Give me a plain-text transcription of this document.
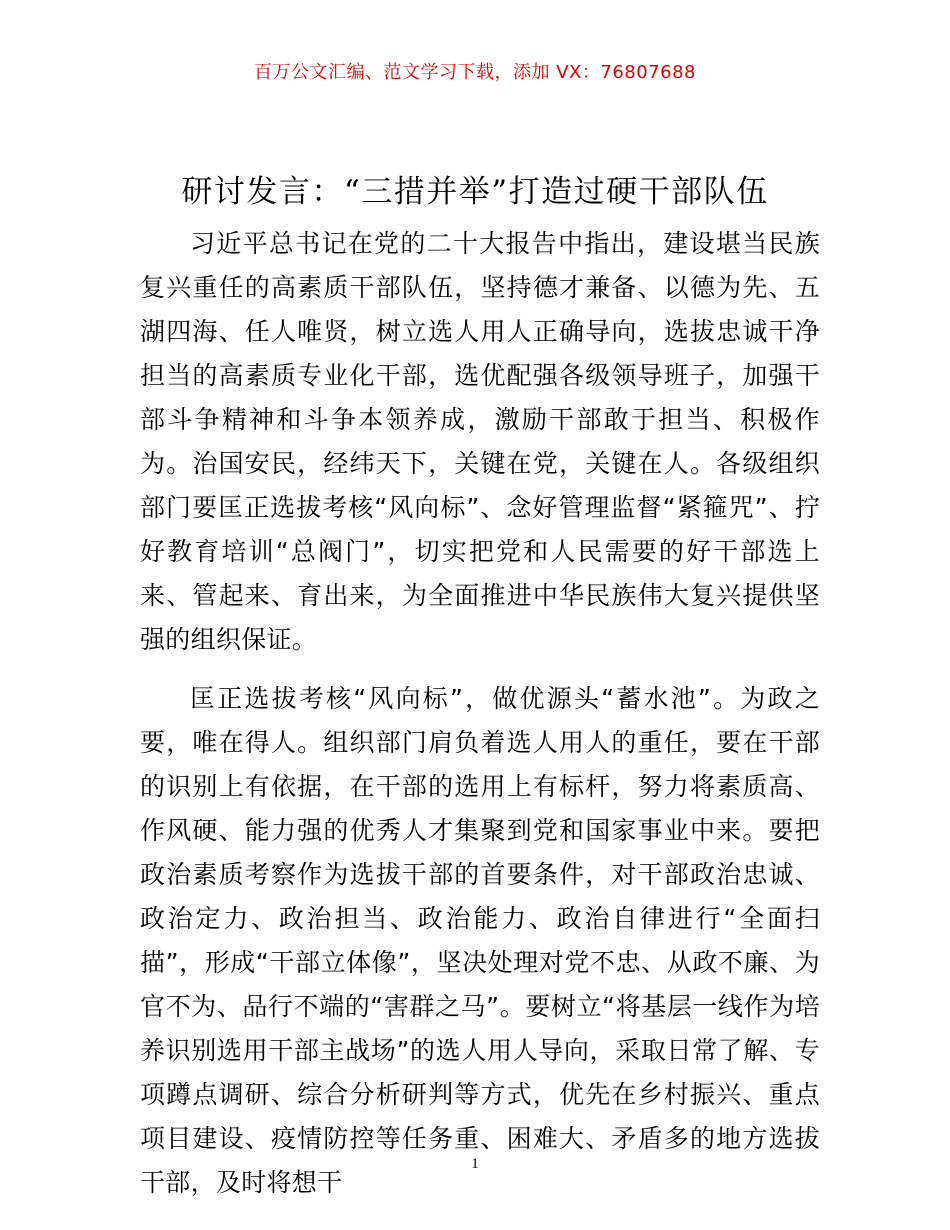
百万公文汇编、范文学习下载，添加 VX：76807688
研讨发言：“三措并举”打造过硬干部队伍

习近平总书记在党的二十大报告中指出，建设堪当民族复兴重任的高素质干部队伍，坚持德才兼备、以德为先、五湖四海、任人唯贤，树立选人用人正确导向，选拔忠诚干净担当的高素质专业化干部，选优配强各级领导班子，加强干部斗争精神和斗争本领养成，激励干部敢于担当、积极作为。治国安民，经纬天下，关键在党，关键在人。各级组织部门要匡正选拔考核“风向标”、念好管理监督“紧箍咒”、拧好教育培训“总阀门”，切实把党和人民需要的好干部选上来、管起来、育出来，为全面推进中华民族伟大复兴提供坚强的组织保证。

匡正选拔考核“风向标”，做优源头“蓄水池”。为政之要，唯在得人。组织部门肩负着选人用人的重任，要在干部的识别上有依据，在干部的选用上有标杆，努力将素质高、作风硬、能力强的优秀人才集聚到党和国家事业中来。要把政治素质考察作为选拔干部的首要条件，对干部政治忠诚、政治定力、政治担当、政治能力、政治自律进行“全面扫描”，形成“干部立体像”，坚决处理对党不忠、从政不廉、为官不为、品行不端的“害群之马”。要树立“将基层一线作为培养识别选用干部主战场”的选人用人导向，采取日常了解、专项蹲点调研、综合分析研判等方式，优先在乡村振兴、重点项目建设、疫情防控等任务重、困难大、矛盾多的地方选拔干部，及时将想干

1
